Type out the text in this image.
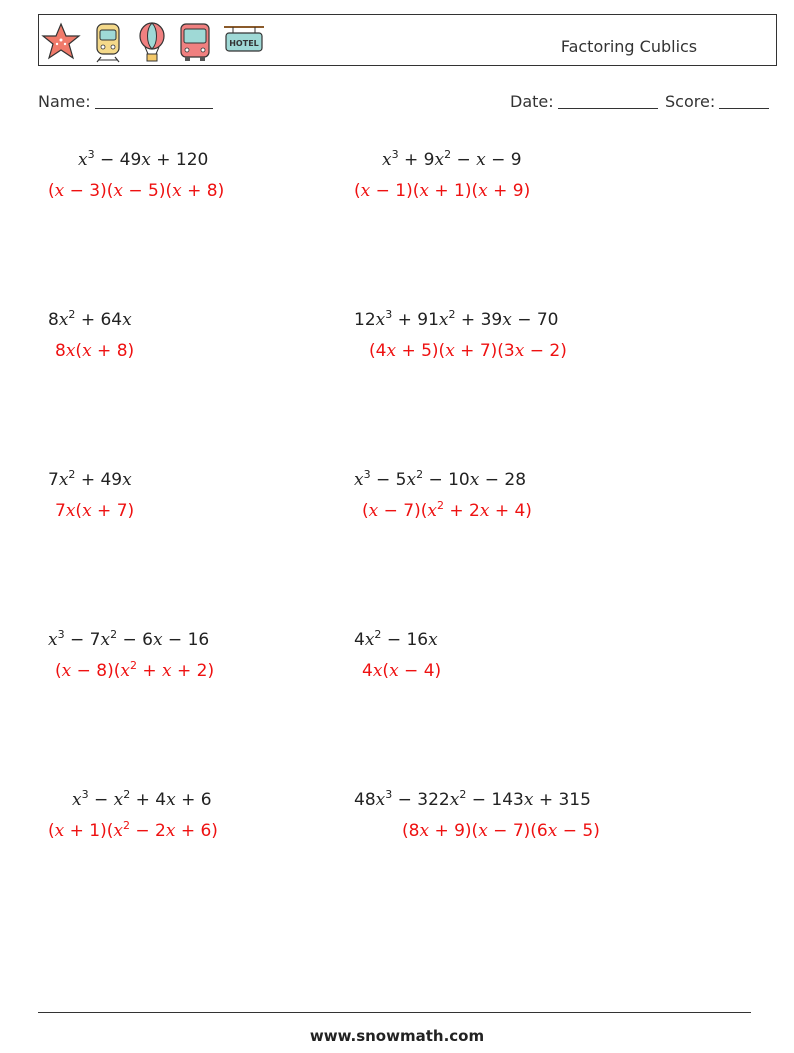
HOTEL	Factoring Cublics
Name:	Date:	Score:
$x^3 - 49x + 120$
(x − 3)(x − 5)(x + 8)
$8x^2 + 64x$
8x(x + 8)
$7x^2 + 49x$
7x(x + 7)
$x^3 - 7x^2 - 6x - 16$
$(x - 8)(x^2 + x + 2)$
$x^3 - x^2 + 4x + 6$
$(x + 1)(x^2 - 2x + 6)$
$x^3 + 9x^2 - x - 9$
(x − 1)(x + 1)(x + 9)
$12x^3 + 91x^2 + 39x - 70$
(4x + 5)(x + 7)(3x − 2)
$x^3 - 5x^2 - 10x - 28$
$(x - 7)(x^2 + 2x + 4)$
$4x^2 - 16x$
4x(x − 4)
$48x^3 - 322x^2 - 143x + 315$
(8x + 9)(x − 7)(6x − 5)
www.snowmath.com
